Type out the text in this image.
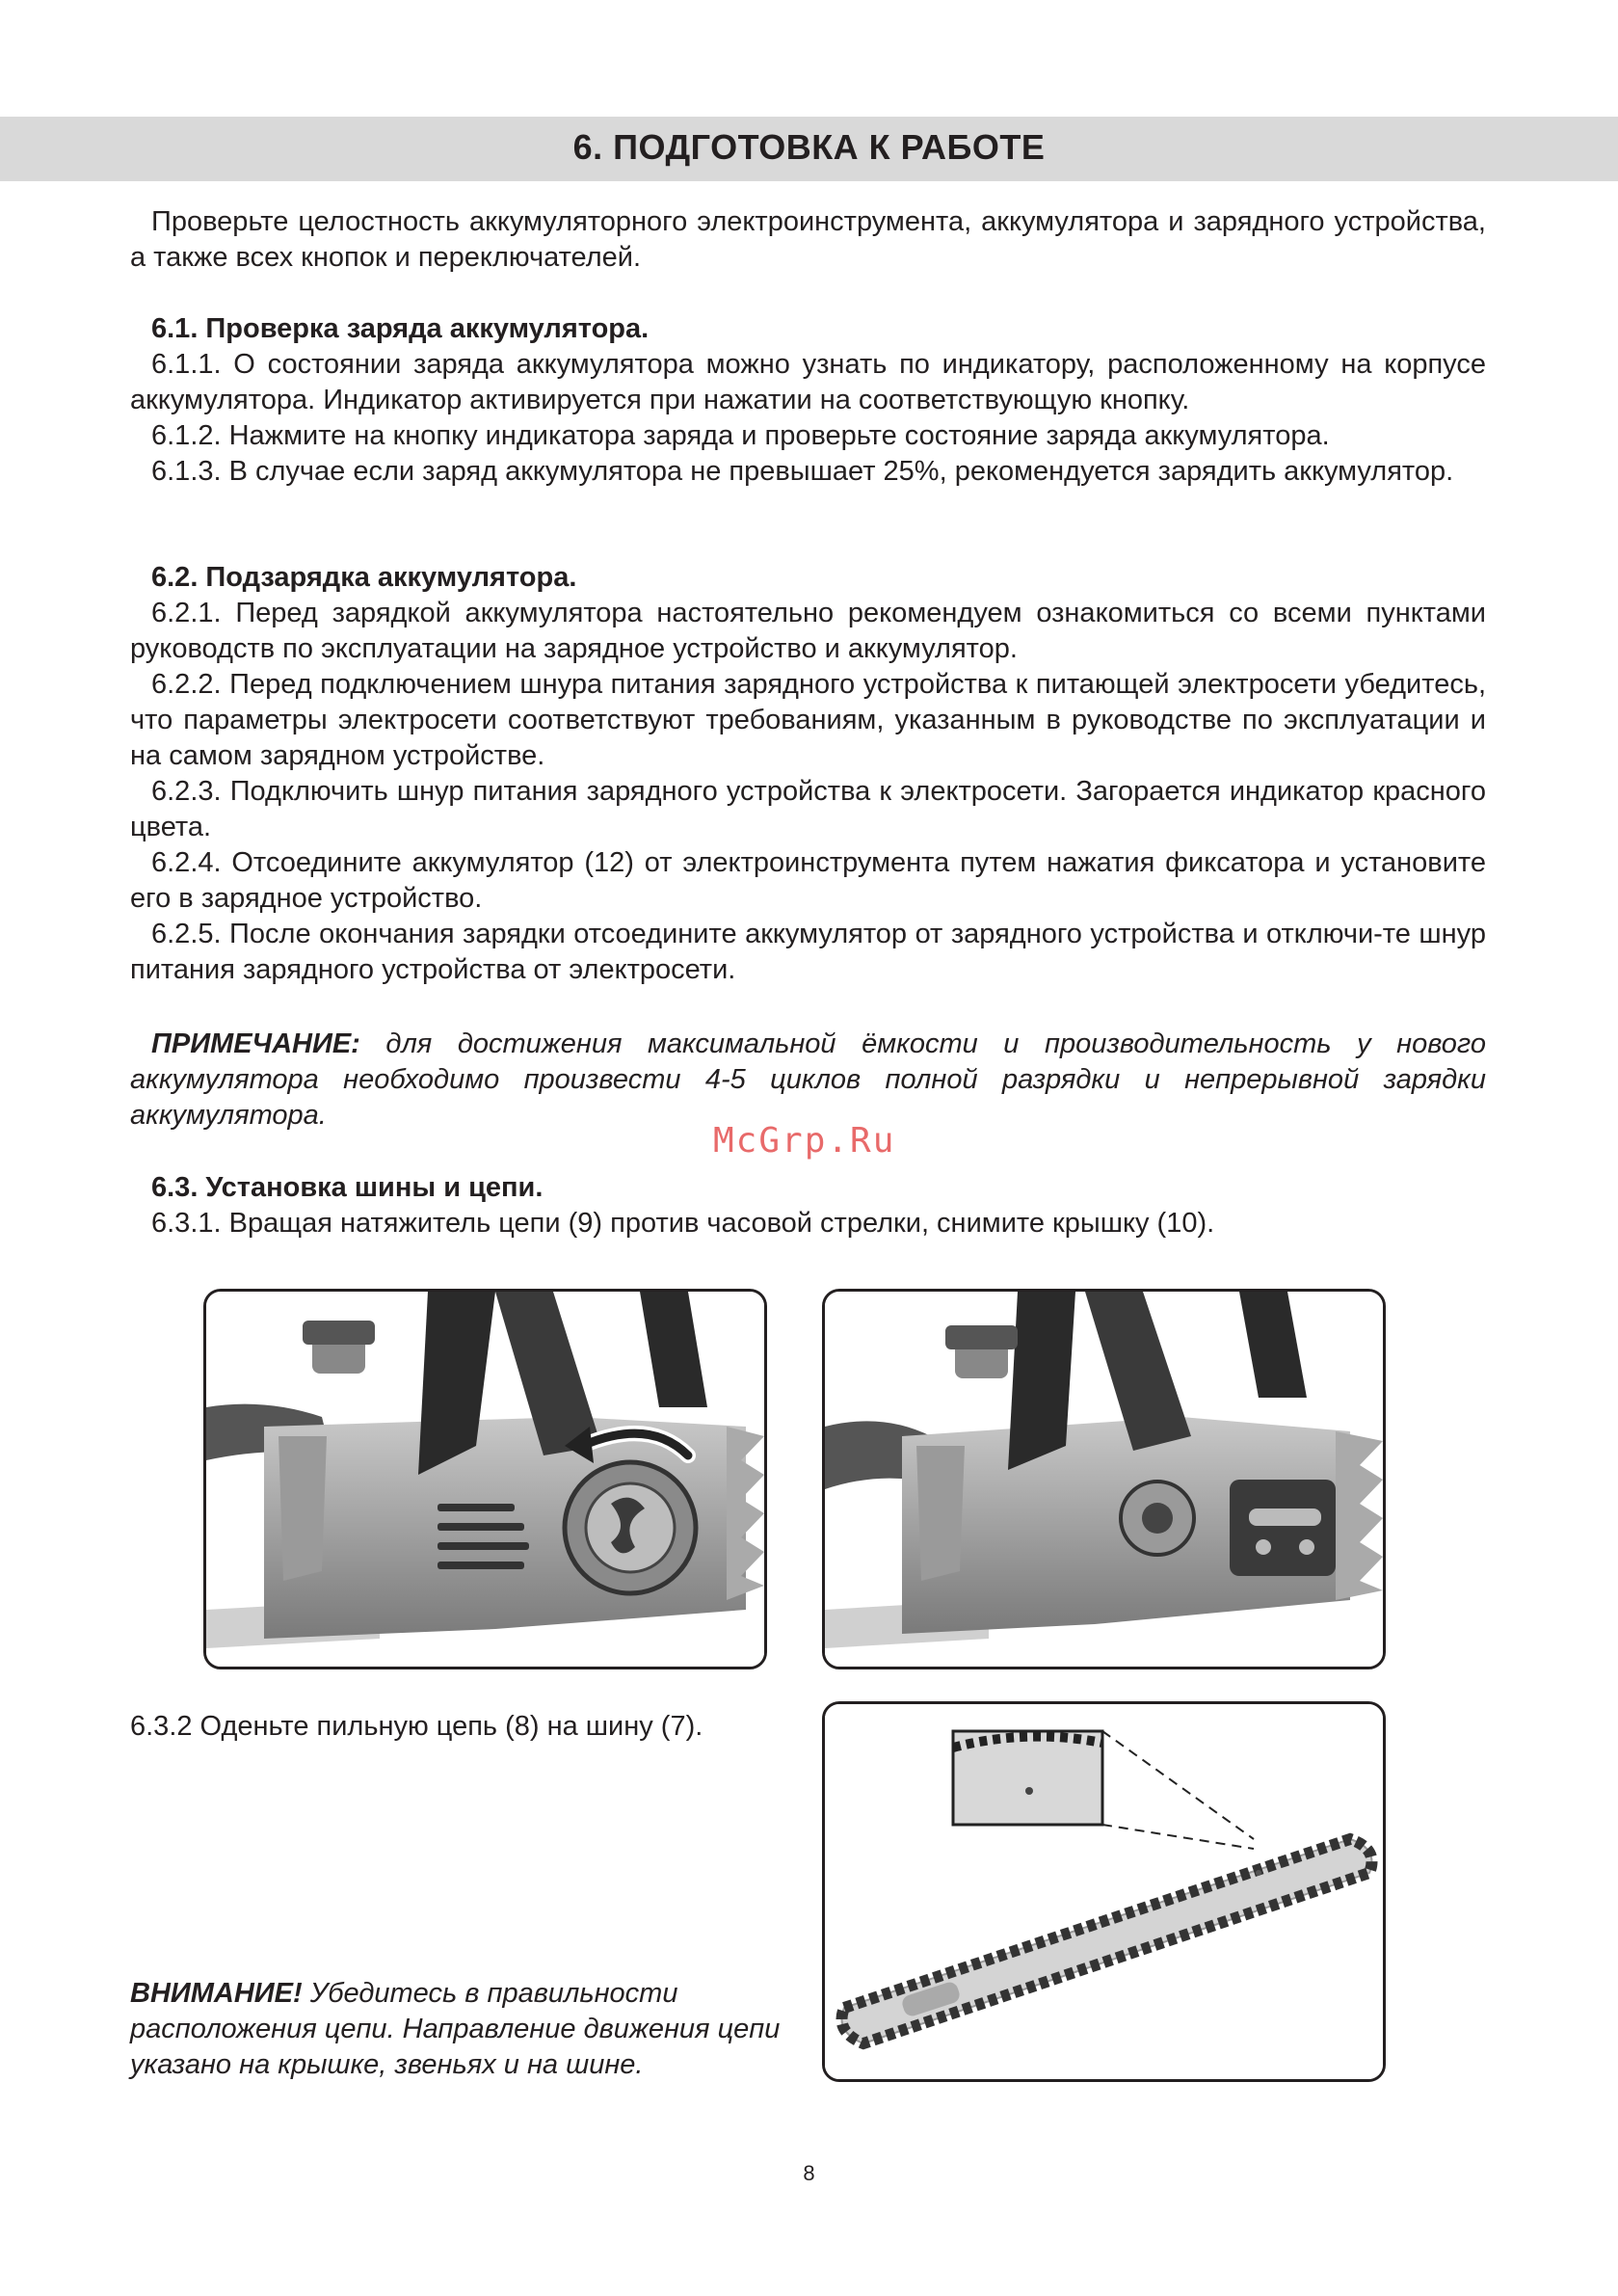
6. ПОДГОТОВКА К РАБОТЕ

Проверьте целостность аккумуляторного электроинструмента, аккумулятора и зарядного устройства, а также всех кнопок и переключателей.

6.1. Проверка заряда аккумулятора.

6.1.1. О состоянии заряда аккумулятора можно узнать по индикатору, расположенному на корпусе аккумулятора. Индикатор активируется при нажатии на соответствующую кнопку.

6.1.2. Нажмите на кнопку индикатора заряда и проверьте состояние заряда аккумулятора.

6.1.3. В случае если заряд аккумулятора не превышает 25%, рекомендуется зарядить аккумулятор.

6.2. Подзарядка аккумулятора.

6.2.1. Перед зарядкой аккумулятора настоятельно рекомендуем ознакомиться со всеми пунктами руководств по эксплуатации на зарядное устройство и аккумулятор.

6.2.2. Перед подключением шнура питания зарядного устройства к питающей электросети убедитесь, что параметры электросети соответствуют требованиям, указанным в руководстве по эксплуатации и на самом зарядном устройстве.

6.2.3. Подключить шнур питания зарядного устройства к электросети. Загорается индикатор красного цвета.

6.2.4. Отсоедините аккумулятор (12) от электроинструмента путем нажатия фиксатора и установите его в зарядное устройство.

6.2.5. После окончания зарядки отсоедините аккумулятор от зарядного устройства и отключи-те шнур питания зарядного устройства от электросети.

ПРИМЕЧАНИЕ: для достижения максимальной ёмкости и производительность у нового аккумулятора необходимо произвести 4-5 циклов полной разрядки и непрерывной зарядки аккумулятора.

McGrp.Ru

6.3. Установка шины и цепи.

6.3.1. Вращая натяжитель цепи (9) против часовой стрелки, снимите крышку (10).

6.3.2 Оденьте пильную цепь (8) на шину (7).
ВНИМАНИЕ! Убедитесь в правильности расположения цепи. Направление движения цепи указано на крышке, звеньях и на шине.
8
